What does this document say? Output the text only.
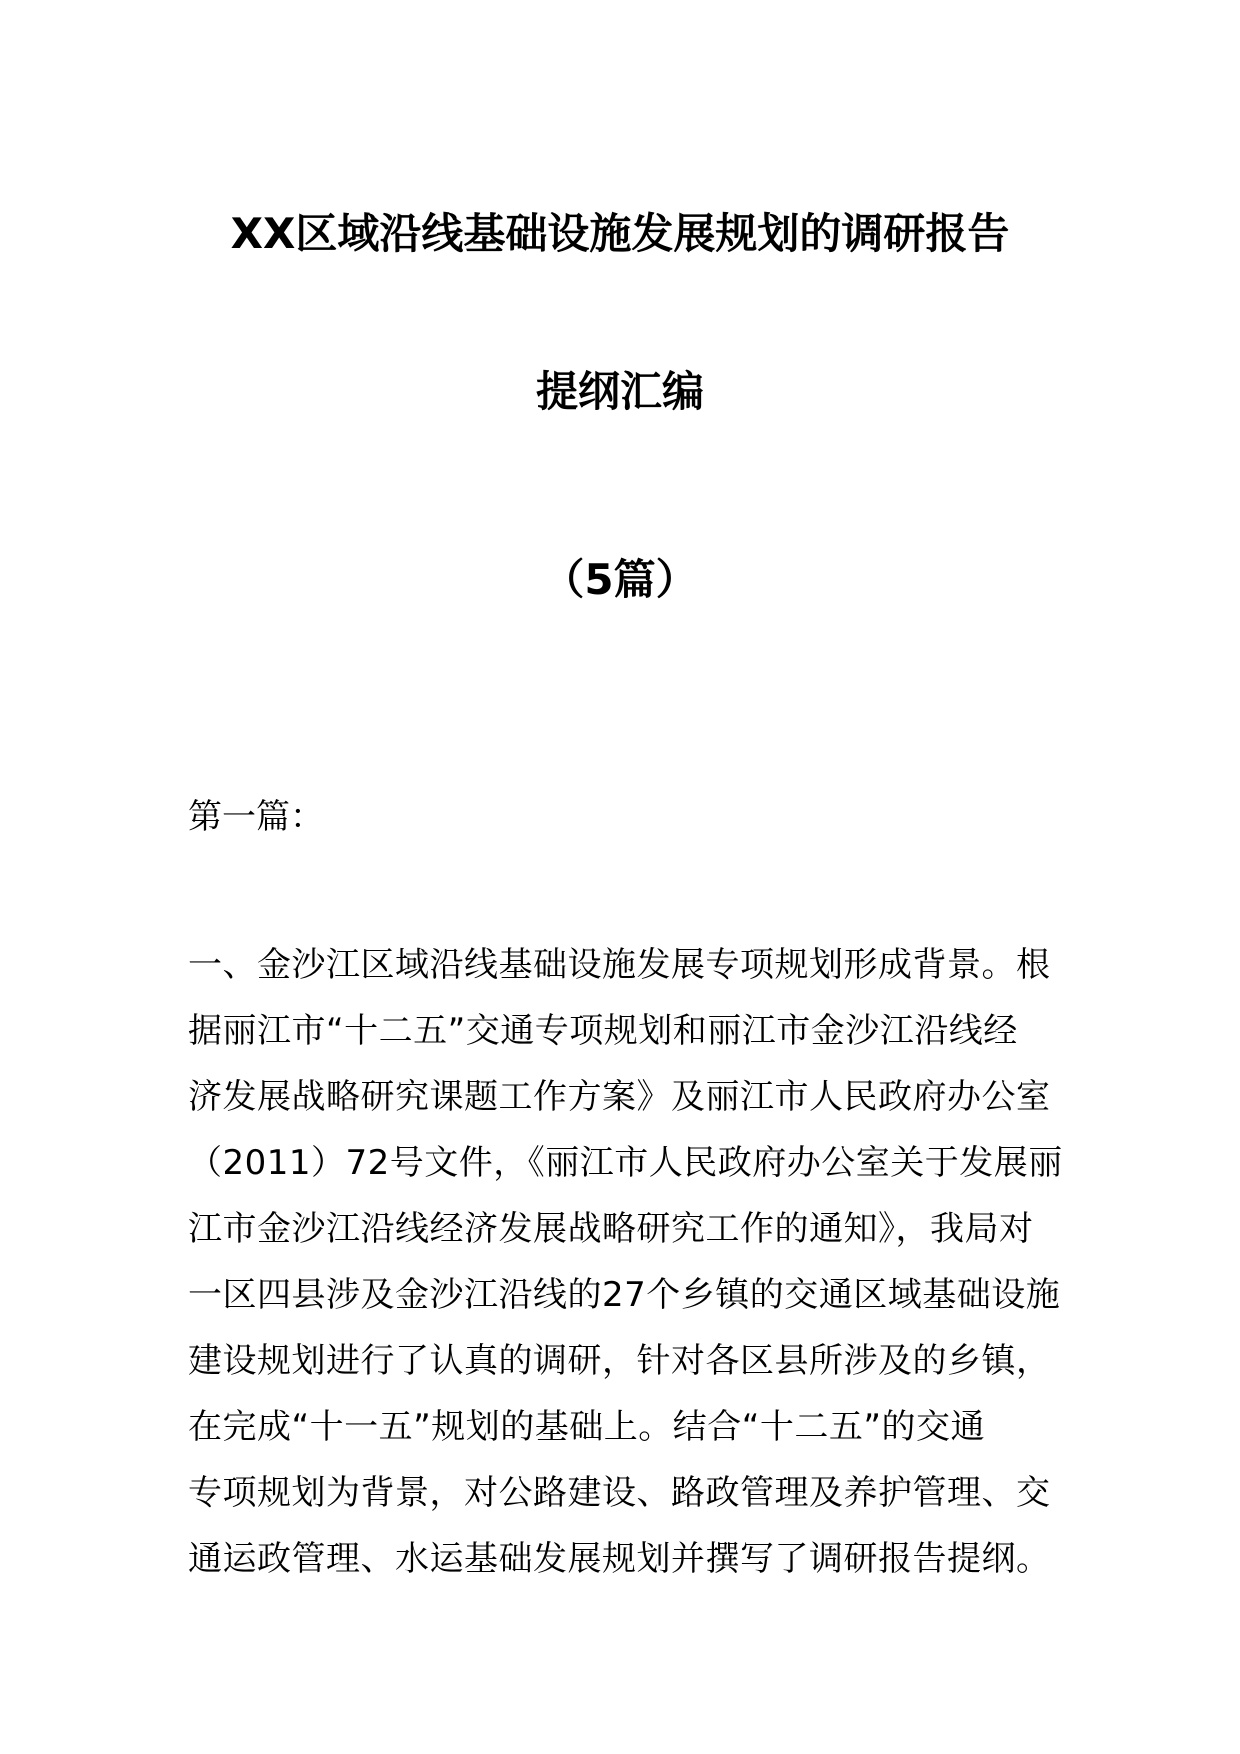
XX区域沿线基础设施发展规划的调研报告
提纲汇编
（5篇）
第一篇：
一、金沙江区域沿线基础设施发展专项规划形成背景。根
据丽江市“十二五”交通专项规划和丽江市金沙江沿线经
济发展战略研究课题工作方案》及丽江市人民政府办公室
（2011）72号文件，《丽江市人民政府办公室关于发展丽
江市金沙江沿线经济发展战略研究工作的通知》，我局对
一区四县涉及金沙江沿线的27个乡镇的交通区域基础设施
建设规划进行了认真的调研，针对各区县所涉及的乡镇，
在完成“十一五”规划的基础上。结合“十二五”的交通
专项规划为背景，对公路建设、路政管理及养护管理、交
通运政管理、水运基础发展规划并撰写了调研报告提纲。
